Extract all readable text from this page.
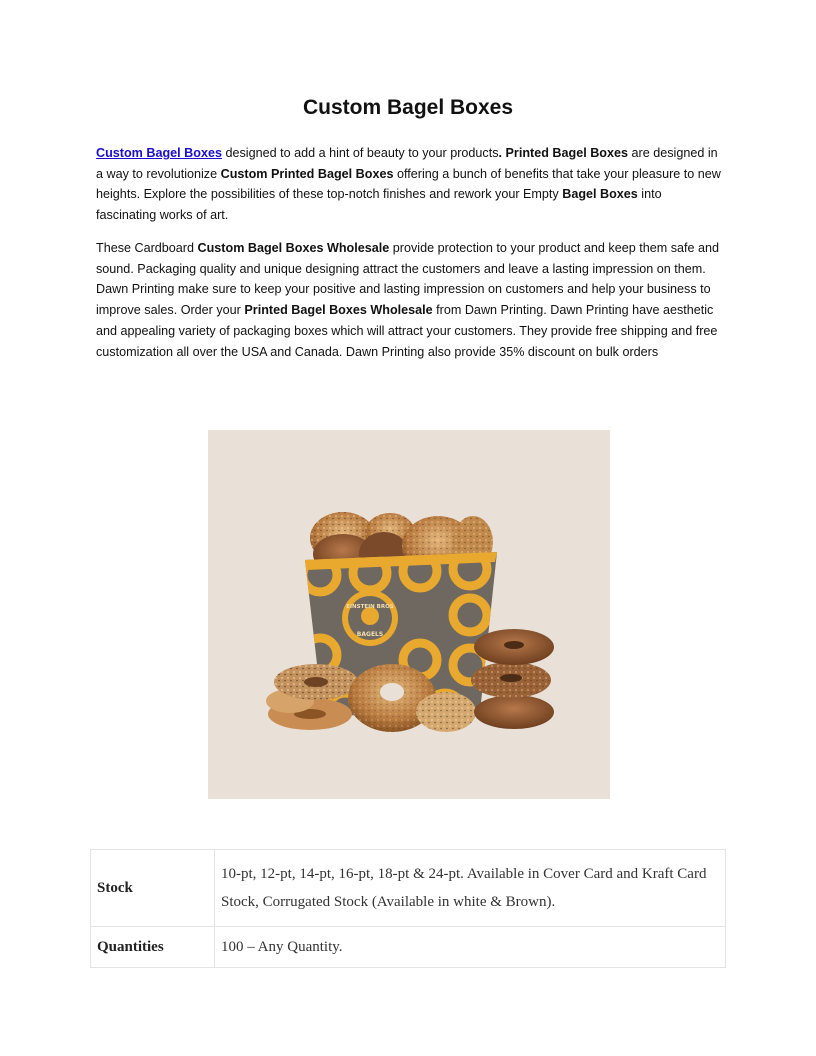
Custom Bagel Boxes

Custom Bagel Boxes designed to add a hint of beauty to your products. Printed Bagel Boxes are designed in a way to revolutionize Custom Printed Bagel Boxes offering a bunch of benefits that take your pleasure to new heights. Explore the possibilities of these top-notch finishes and rework your Empty Bagel Boxes into fascinating works of art.

These Cardboard Custom Bagel Boxes Wholesale provide protection to your product and keep them safe and sound. Packaging quality and unique designing attract the customers and leave a lasting impression on them. Dawn Printing make sure to keep your positive and lasting impression on customers and help your business to improve sales. Order your Printed Bagel Boxes Wholesale from Dawn Printing. Dawn Printing have aesthetic and appealing variety of packaging boxes which will attract your customers. They provide free shipping and free customization all over the USA and Canada. Dawn Printing also provide 35% discount on bulk orders

EINSTEIN BROS
BAGELS
Stock	10-pt, 12-pt, 14-pt, 16-pt, 18-pt & 24-pt. Available in Cover Card and Kraft Card Stock, Corrugated Stock (Available in white & Brown).
Quantities	100 – Any Quantity.
